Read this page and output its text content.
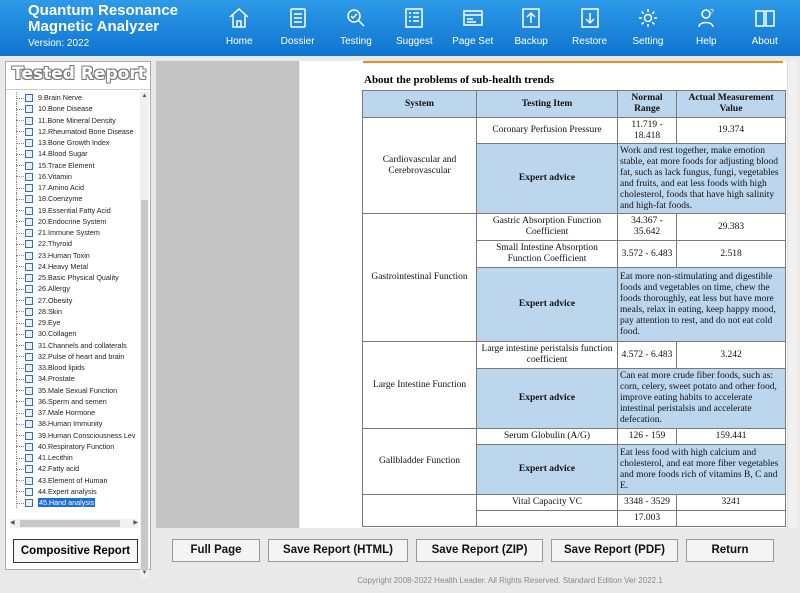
Quantum Resonance
Magnetic Analyzer
Version: 2022	Home	Dossier	Testing Suggest Page Set Backup Restore	Setting
?
Help	About
Tested Report
9.Brain Nerve
10.Bone Disease
11.Bone Mineral Density
12.Rheumatoid Bone Disease
13.Bone Growth Index
14.Blood Sugar
15.Trace Element
16.Vitamin
17.Amino Acid
18.Coenzyme
19.Essential Fatty Acid
20.Endocrine System
21.Immune System
22.Thyroid
23.Human Toxin
24.Heavy Metal
25.Basic Physical Quality
26.Allergy
27.Obesity
28.Skin
29.Eye
30.Collagen
31.Channels and collaterals
32.Pulse of heart and brain
33.Blood lipids
34.Prostate
35.Male Sexual Function
36.Sperm and semen
37.Male Hormone
38.Human Immunity
39.Human Consciousness Lev
40.Respiratory Function
41.Lecithin
42.Fatty acid
43.Element of Human
44.Expert analysis
45.Hand analysis
▲
▼
◀	▶
Compositive Report
About the problems of sub-health trends
System	Testing Item	Normal Range	Actual Measurement Value
Cardiovascular and Cerebrovascular	Coronary Perfusion Pressure	11.719 - 18.418	19.374
	Expert advice	Work and rest together, make emotion stable, eat more foods for adjusting blood fat, such as lack fungus, fungi, vegetables and fruits, and eat less foods with high cholesterol, foods that have high salinity and high-fat foods.	
Gastrointestinal Function	Gastric Absorption Function Coefficient	34.367 - 35.642	29.383
	Small Intestine Absorption Function Coefficient	3.572 - 6.483	2.518
	Expert advice	Eat more non-stimulating and digestible foods and vegetables on time, chew the foods thoroughly, eat less but have more meals, relax in eating, keep happy mood, pay attention to rest, and do not eat cold food.	
Large Intestine Function	Large intestine peristalsis function coefficient	4.572 - 6.483	3.242
	Expert advice	Can eat more crude fiber foods, such as: corn, celery, sweet potato and other food, improve eating habits to accelerate intestinal peristalsis and accelerate defecation.	
Gallbladder Function	Serum Globulin (A/G)	126 - 159	159.441
	Expert advice	Eat less food with high calcium and cholesterol, and eat more fiber vegetables and more foods rich of vitamins B, C and E.	
	Vital Capacity VC	3348 - 3529	3241
		17.003	
Full Page	Save Report (HTML)	Save Report (ZIP)	Save Report (PDF)	Return
Copyright 2008-2022 Health Leader. All Rights Reserved. Standard Edition Ver 2022.1
